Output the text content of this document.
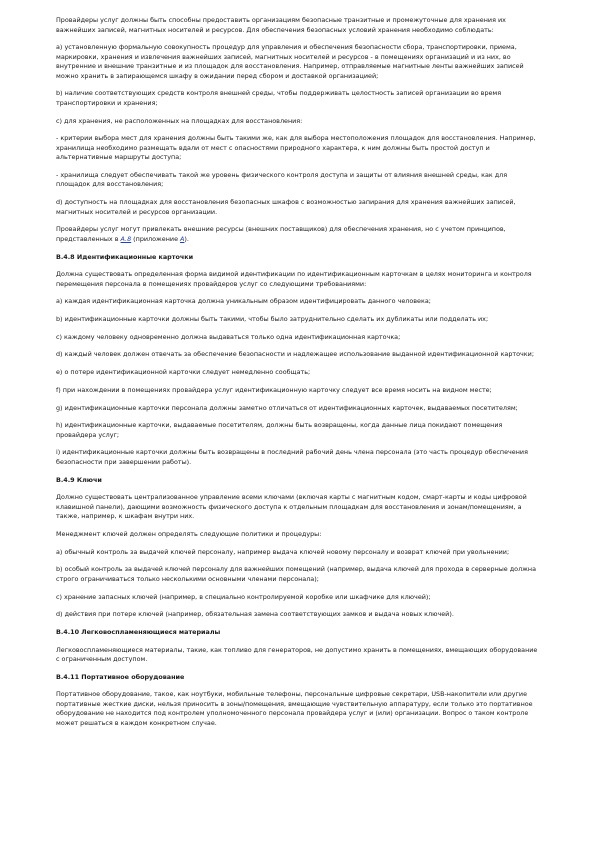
Провайдеры услуг должны быть способны предоставить организациям безопасные транзитные и промежуточные для хранения их важнейших записей, магнитных носителей и ресурсов. Для обеспечения безопасных условий хранения необходимо соблюдать:

a) установленную формальную совокупность процедур для управления и обеспечения безопасности сбора, транспортировки, приема, маркировки, хранения и извлечения важнейших записей, магнитных носителей и ресурсов - в помещениях организаций и из них, во внутренние и внешние транзитные и из площадок для восстановления. Например, отправляемые магнитные ленты важнейших записей можно хранить в запирающемся шкафу в ожидании перед сбором и доставкой организацией;

b) наличие соответствующих средств контроля внешней среды, чтобы поддерживать целостность записей организации во время транспортировки и хранения;

c) для хранения, не расположенных на площадках для восстановления:

- критерии выбора мест для хранения должны быть такими же, как для выбора местоположения площадок для восстановления. Например, хранилища необходимо размещать вдали от мест с опасностями природного характера, к ним должны быть простой доступ и альтернативные маршруты доступа;

- хранилища следует обеспечивать такой же уровень физического контроля доступа и защиты от влияния внешней среды, как для площадок для восстановления;

d) доступность на площадках для восстановления безопасных шкафов с возможностью запирания для хранения важнейших записей, магнитных носителей и ресурсов организации.

Провайдеры услуг могут привлекать внешние ресурсы (внешних поставщиков) для обеспечения хранения, но с учетом принципов, представленных в A.8 (приложение A).

B.4.8 Идентификационные карточки

Должна существовать определенная форма видимой идентификации по идентификационным карточкам в целях мониторинга и контроля перемещения персонала в помещениях провайдеров услуг со следующими требованиями:

a) каждая идентификационная карточка должна уникальным образом идентифицировать данного человека;

b) идентификационные карточки должны быть такими, чтобы было затруднительно сделать их дубликаты или подделать их;

c) каждому человеку одновременно должна выдаваться только одна идентификационная карточка;

d) каждый человек должен отвечать за обеспечение безопасности и надлежащее использование выданной идентификационной карточки;

e) о потере идентификационной карточки следует немедленно сообщать;

f) при нахождении в помещениях провайдера услуг идентификационную карточку следует все время носить на видном месте;

g) идентификационные карточки персонала должны заметно отличаться от идентификационных карточек, выдаваемых посетителям;

h) идентификационные карточки, выдаваемые посетителям, должны быть возвращены, когда данные лица покидают помещения провайдера услуг;

i) идентификационные карточки должны быть возвращены в последний рабочий день члена персонала (это часть процедур обеспечения безопасности при завершении работы).

B.4.9 Ключи

Должно существовать централизованное управление всеми ключами (включая карты с магнитным кодом, смарт-карты и коды цифровой клавишной панели), дающими возможность физического доступа к отдельным площадкам для восстановления и зонам/помещениям, а также, например, к шкафам внутри них.

Менеджмент ключей должен определять следующие политики и процедуры:

a) обычный контроль за выдачей ключей персоналу, например выдача ключей новому персоналу и возврат ключей при увольнении;

b) особый контроль за выдачей ключей персоналу для важнейших помещений (например, выдача ключей для прохода в серверные должна строго ограничиваться только несколькими основными членами персонала);

c) хранение запасных ключей (например, в специально контролируемой коробке или шкафчике для ключей);

d) действия при потере ключей (например, обязательная замена соответствующих замков и выдача новых ключей).

B.4.10 Легковоспламеняющиеся материалы

Легковоспламеняющиеся материалы, такие, как топливо для генераторов, не допустимо хранить в помещениях, вмещающих оборудование с ограниченным доступом.

B.4.11 Портативное оборудование

Портативное оборудование, такое, как ноутбуки, мобильные телефоны, персональные цифровые секретари, USB-накопители или другие портативные жесткие диски, нельзя приносить в зоны/помещения, вмещающие чувствительную аппаратуру, если только это портативное оборудование не находится под контролем уполномоченного персонала провайдера услуг и (или) организации. Вопрос о таком контроле может решаться в каждом конкретном случае.
